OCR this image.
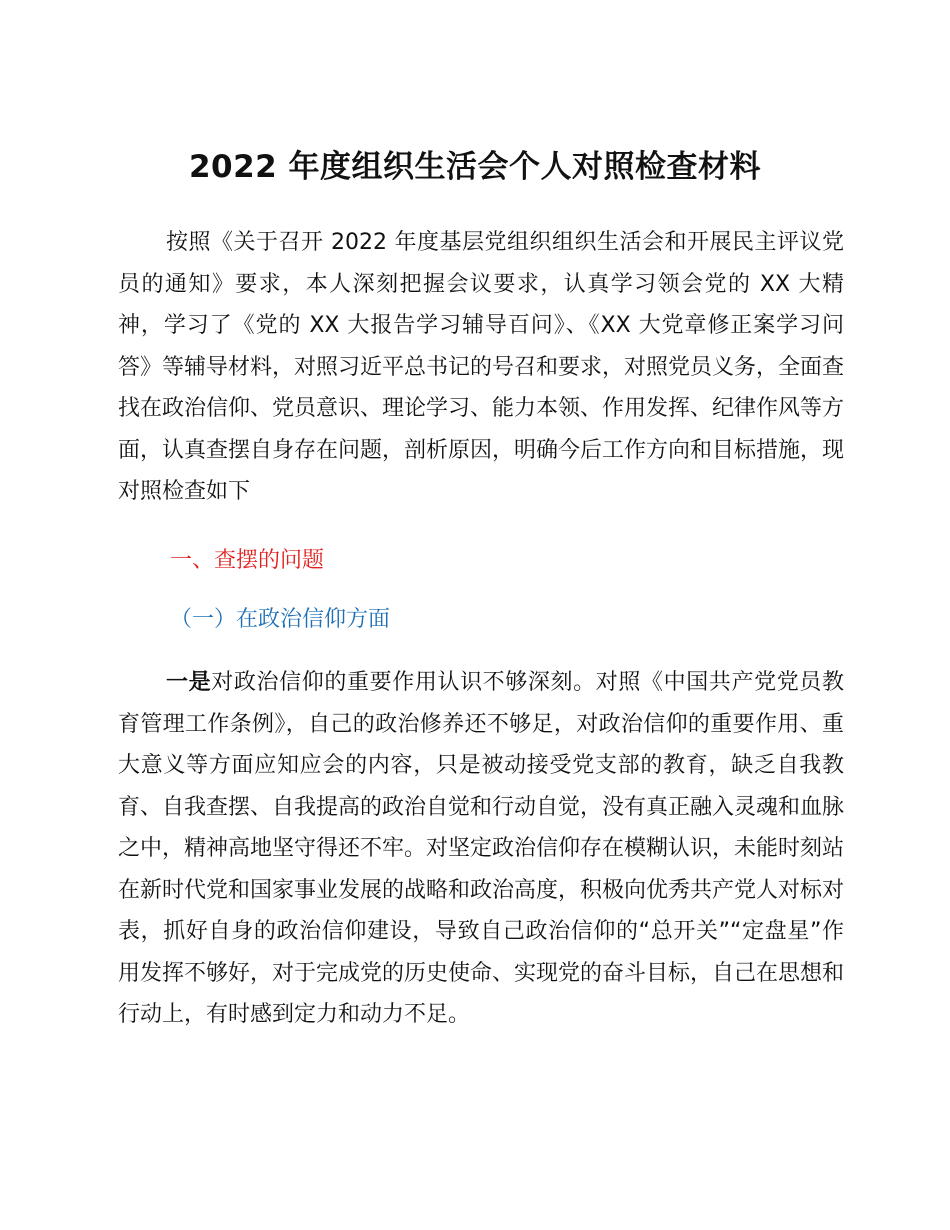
2022 年度组织生活会个人对照检查材料

按照《关于召开 2022 年度基层党组织组织生活会和开展民主评议党员的通知》要求，本人深刻把握会议要求，认真学习领会党的 XX 大精神，学习了《党的 XX 大报告学习辅导百问》、《XX 大党章修正案学习问答》等辅导材料，对照习近平总书记的号召和要求，对照党员义务，全面查找在政治信仰、党员意识、理论学习、能力本领、作用发挥、纪律作风等方面，认真查摆自身存在问题，剖析原因，明确今后工作方向和目标措施，现对照检查如下

一、查摆的问题

（一）在政治信仰方面

一是对政治信仰的重要作用认识不够深刻。对照《中国共产党党员教育管理工作条例》，自己的政治修养还不够足，对政治信仰的重要作用、重大意义等方面应知应会的内容，只是被动接受党支部的教育，缺乏自我教育、自我查摆、自我提高的政治自觉和行动自觉，没有真正融入灵魂和血脉之中，精神高地坚守得还不牢。对坚定政治信仰存在模糊认识，未能时刻站在新时代党和国家事业发展的战略和政治高度，积极向优秀共产党人对标对表，抓好自身的政治信仰建设，导致自己政治信仰的“总开关”“定盘星”作用发挥不够好，对于完成党的历史使命、实现党的奋斗目标，自己在思想和行动上，有时感到定力和动力不足。
